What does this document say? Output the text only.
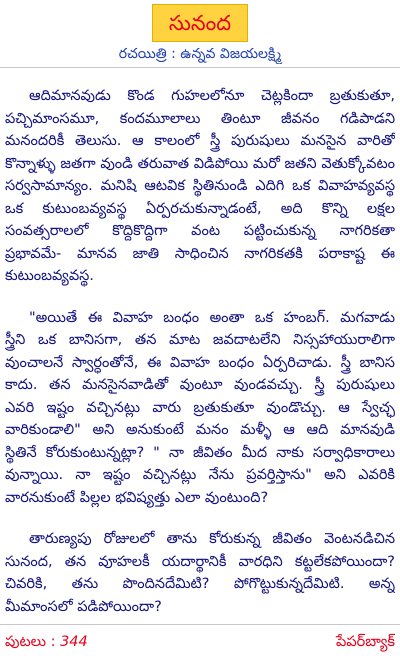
సునంద
రచయిత్రి : ఉన్నవ విజయలక్ష్మి
ఆదిమానవుడు కొండ గుహలలోనూ చెట్లకిందా బ్రతుకుతూ,
పచ్చిమాంసమూ, కందమూలాలు తింటూ జీవనం గడిపాడని
మనందరికీ తెలుసు. ఆ కాలంలో స్త్రీ పురుషులు మనసైన వారితో
కొన్నాళ్ళు జతగా వుండి తరువాత విడిపోయి మరో జతని వెతుక్కోవటం
సర్వసామాన్యం. మనిషి ఆటవిక స్థితినుండి ఎదిగి ఒక వివాహవ్యవస్థ
ఒక కుటుంబవ్యవస్థ ఏర్పరచుకున్నాడంటే, అది కొన్ని లక్షల
సంవత్సరాలలో కొద్దికొద్దిగా వంట పట్టించుకున్న నాగరికతా
ప్రభావమే- మానవ జాతి సాధించిన నాగరికతకి పరాకాష్ట ఈ
కుటుంబవ్యవస్థ.
"అయితే ఈ వివాహ బంధం అంతా ఒక హంబగ్. మగవాడు
స్త్రీని ఒక బానిసగా, తన మాట జవదాటలేని నిస్సహాయురాలిగా
వుంచాలనే స్వార్ధంతోనే, ఈ వివాహ బంధం ఏర్పరిచాడు. స్త్రీ బానిస
కాదు. తన మనసైనవాడితో వుంటూ వుండవచ్చు. స్త్రీ పురుషులు
ఎవరి ఇష్టం వచ్చినట్లు వారు బ్రతుకుతూ వుండొచ్చు. ఆ స్వేచ్ఛ
వారికుండాలి" అని అనుకుంటే మనం మళ్ళీ ఆ ఆది మానవుడి
స్థితినే కోరుకుంటున్నట్లా? " నా జీవితం మీద నాకు సర్వాధికారాలు
వున్నాయి. నా ఇష్టం వచ్చినట్లు నేను ప్రవర్తిస్తాను" అని ఎవరికి
వారనుకుంటే పిల్లల భవిష్యత్తు ఎలా వుంటుంది?
తారుణ్యపు రోజులలో తాను కోరుకున్న జీవితం వెంటనడిచిన
సునంద, తన వూహలకీ యదార్థానికీ వారధిని కట్టలేకపోయిందా?
చివరికి, తను పొందినదేమిటి? పోగొట్టుకున్నదేమిటి. అన్న
మీమాంసలో పడిపోయిందా?
పుటలు : 344	పేపర్‌బ్యాక్
